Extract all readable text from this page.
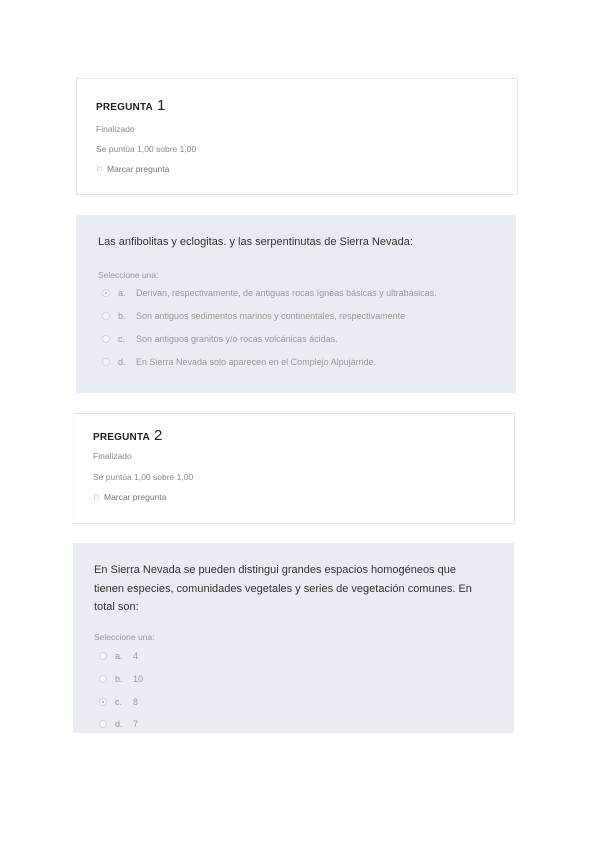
PREGUNTA 1
Finalizado
Se puntúa 1,00 sobre 1,00
⚐ Marcar pregunta
Las anfibolitas y eclogitas. y las serpentinutas de Sierra Nevada:
Seleccione una:
a.	Derivan, respectivamente, de antiguas rocas ígneas básicas y ultrabásicas.
b.	Son antiguos sedimentos marinos y continentales, respectivamente
c.	Son antiguos granitos y/o rocas volcánicas ácidas.
d.	En Sierra Nevada solo aparecen en el Complejo Alpujárride.
PREGUNTA 2
Finalizado
Se puntúa 1,00 sobre 1,00
⚐ Marcar pregunta
En Sierra Nevada se pueden distingui grandes espacios homogéneos que
tienen especies, comunidades vegetales y series de vegetación comunes. En
total son:
Seleccione una:
a.	4
b.	10
c.	8
d.	7
